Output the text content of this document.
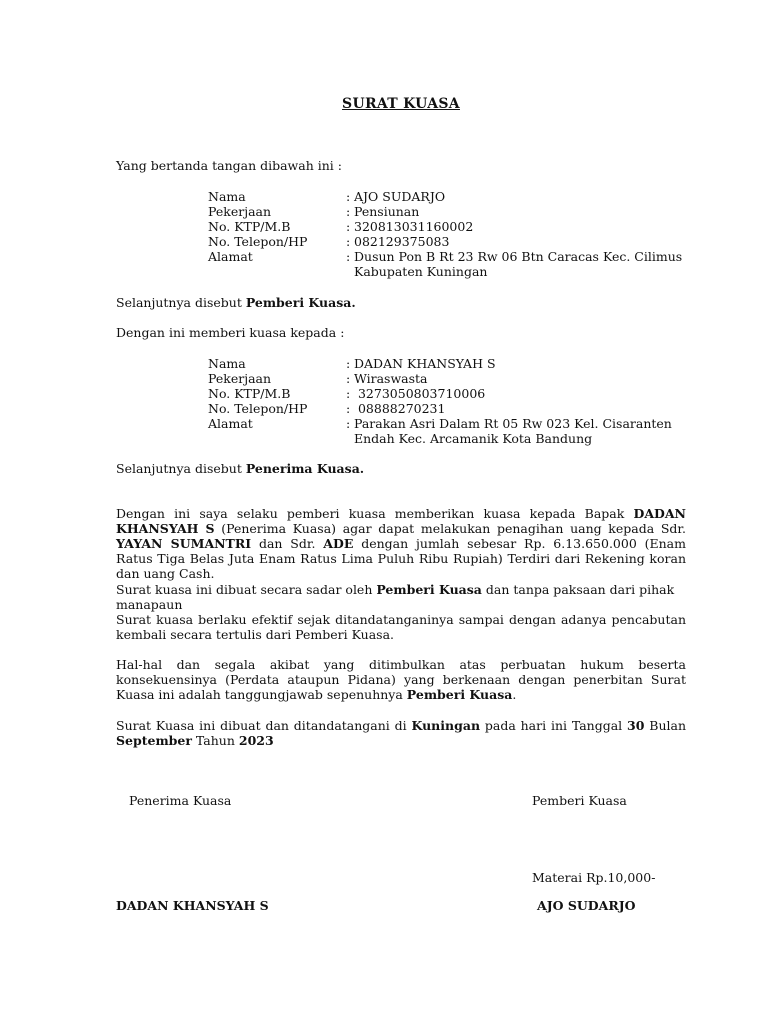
SURAT KUASA
Yang bertanda tangan dibawah ini :
Nama	: AJO SUDARJO
Pekerjaan	: Pensiunan
No. KTP/M.B	: 320813031160002
No. Telepon/HP	: 082129375083
Alamat	: Dusun Pon B Rt 23 Rw 06 Btn Caracas Kec. Cilimus Kabupaten Kuningan
Selanjutnya disebut Pemberi Kuasa.
Dengan ini memberi kuasa kepada :
Nama	: DADAN KHANSYAH S
Pekerjaan	: Wiraswasta
No. KTP/M.B	: 3273050803710006
No. Telepon/HP	: 08888270231
Alamat	: Parakan Asri Dalam Rt 05 Rw 023 Kel. Cisaranten Endah Kec. Arcamanik Kota Bandung
Selanjutnya disebut Penerima Kuasa.
Dengan ini saya selaku pemberi kuasa memberikan kuasa kepada Bapak DADAN KHANSYAH S (Penerima Kuasa) agar dapat melakukan penagihan uang kepada Sdr. YAYAN SUMANTRI dan Sdr. ADE dengan jumlah sebesar Rp. 6.13.650.000 (Enam Ratus Tiga Belas Juta Enam Ratus Lima Puluh Ribu Rupiah) Terdiri dari Rekening koran dan uang Cash.
Surat kuasa ini dibuat secara sadar oleh Pemberi Kuasa dan tanpa paksaan dari pihak manapaun
Surat kuasa berlaku efektif sejak ditandatanganinya sampai dengan adanya pencabutan kembali secara tertulis dari Pemberi Kuasa.
Hal-hal dan segala akibat yang ditimbulkan atas perbuatan hukum beserta konsekuensinya (Perdata ataupun Pidana) yang berkenaan dengan penerbitan Surat Kuasa ini adalah tanggungjawab sepenuhnya Pemberi Kuasa.
Surat Kuasa ini dibuat dan ditandatangani di Kuningan pada hari ini Tanggal 30 Bulan September Tahun 2023
Penerima Kuasa	Pemberi Kuasa
Materai Rp.10,000-
DADAN KHANSYAH S	AJO SUDARJO
